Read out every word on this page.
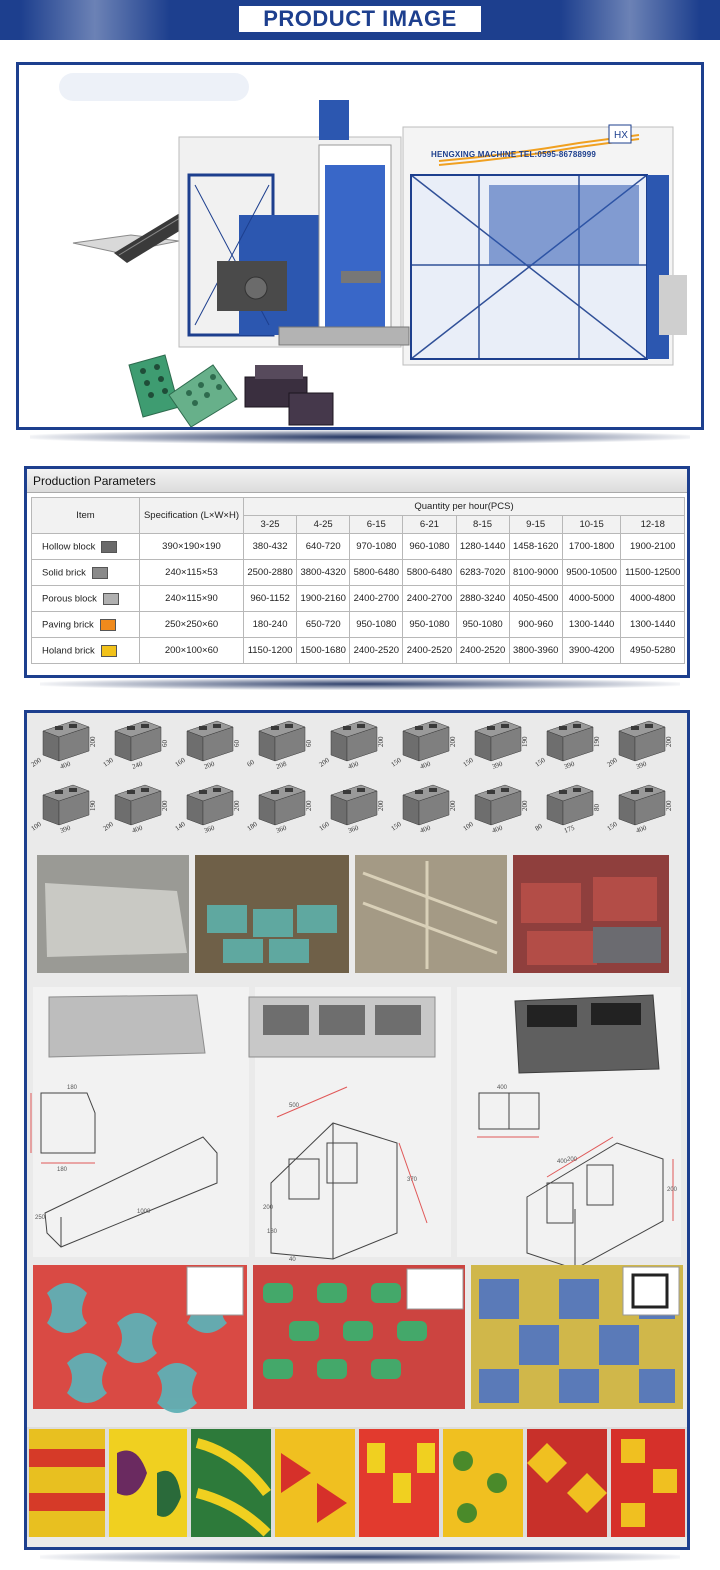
PRODUCT IMAGE
HX
HENGXING MACHINE TEL:0595-86788999
Production Parameters
Item	Specification (L×W×H)	Quantity per hour(PCS)							
		3-25	4-25	6-15	6-21	8-15	9-15	10-15	12-18
Hollow block	390×190×190	380-432	640-720	970-1080	960-1080	1280-1440	1458-1620	1700-1800	1900-2100
Solid brick	240×115×53	2500-2880	3800-4320	5800-6480	5800-6480	6283-7020	8100-9000	9500-10500	11500-12500
Porous block	240×115×90	960-1152	1900-2160	2400-2700	2400-2700	2880-3240	4050-4500	4000-5000	4000-4800
Paving brick	250×250×60	180-240	650-720	950-1080	950-1080	950-1080	900-960	1300-1440	1300-1440
Holand brick	200×100×60	1150-1200	1500-1680	2400-2520	2400-2520	2400-2520	3800-3960	3900-4200	4950-5280
200 400
200
130 240
60
160 200
60
60	208
60
200 400
200
150 400
200
150 390
190
150 390
190
200 390
200
100 390
190
200 400
200
140 360
200
180 360
200
160 360
200
150 400
200
100 400
200
80	175
80
150 400
200
180
1000
250
180
500
370
180
40
200
400
200
200
400
